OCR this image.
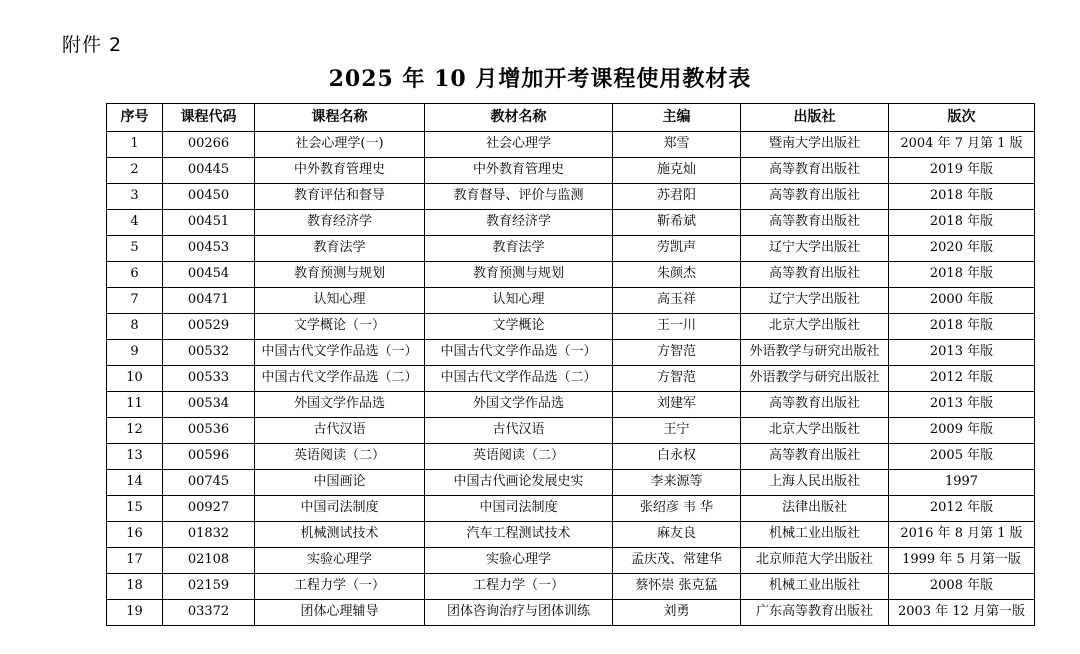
附件 2
2025 年 10 月增加开考课程使用教材表
序号	课程代码	课程名称	教材名称	主编	出版社	版次
1	00266	社会心理学(一)	社会心理学	郑雪	暨南大学出版社	2004 年 7 月第 1 版
2	00445	中外教育管理史	中外教育管理史	施克灿	高等教育出版社	2019 年版
3	00450	教育评估和督导	教育督导、评价与监测	苏君阳	高等教育出版社	2018 年版
4	00451	教育经济学	教育经济学	靳希斌	高等教育出版社	2018 年版
5	00453	教育法学	教育法学	劳凯声	辽宁大学出版社	2020 年版
6	00454	教育预测与规划	教育预测与规划	朱颜杰	高等教育出版社	2018 年版
7	00471	认知心理	认知心理	高玉祥	辽宁大学出版社	2000 年版
8	00529	文学概论（一）	文学概论	王一川	北京大学出版社	2018 年版
9	00532	中国古代文学作品选（一）	中国古代文学作品选（一）	方智范	外语教学与研究出版社	2013 年版
10	00533	中国古代文学作品选（二）	中国古代文学作品选（二）	方智范	外语教学与研究出版社	2012 年版
11	00534	外国文学作品选	外国文学作品选	刘建军	高等教育出版社	2013 年版
12	00536	古代汉语	古代汉语	王宁	北京大学出版社	2009 年版
13	00596	英语阅读（二）	英语阅读（二）	白永权	高等教育出版社	2005 年版
14	00745	中国画论	中国古代画论发展史实	李来源等	上海人民出版社	1997
15	00927	中国司法制度	中国司法制度	张绍彦 韦 华	法律出版社	2012 年版
16	01832	机械测试技术	汽车工程测试技术	麻友良	机械工业出版社	2016 年 8 月第 1 版
17	02108	实验心理学	实验心理学	孟庆茂、常建华	北京师范大学出版社	1999 年 5 月第一版
18	02159	工程力学（一）	工程力学（一）	蔡怀崇 张克猛	机械工业出版社	2008 年版
19	03372	团体心理辅导	团体咨询治疗与团体训练	刘勇	广东高等教育出版社	2003 年 12 月第一版
